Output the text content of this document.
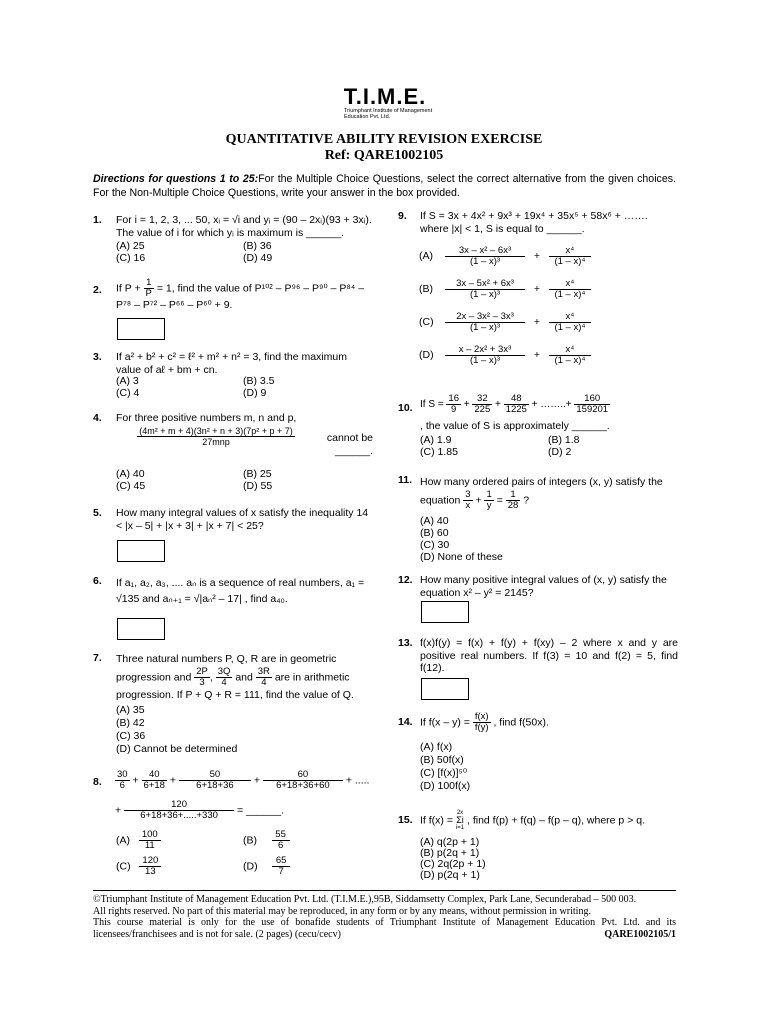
T.I.M.E.
Triumphant Institute of Management Education Pvt. Ltd.
QUANTITATIVE ABILITY REVISION EXERCISE
Ref: QARE1002105
Directions for questions 1 to 25:For the Multiple Choice Questions, select the correct alternative from the given choices. For the Non-Multiple Choice Questions, write your answer in the box provided.
1. For i = 1, 2, 3, ... 50, xᵢ = √i and yᵢ = (90 – 2xᵢ)(93 + 3xᵢ). The value of i for which yᵢ is maximum is ______.
(A) 25	(B) 36
(C) 16	(D) 49
2. If $P + \frac{1}{P} = 1$, find the value of P¹⁰² – P⁹⁶ – P⁹⁰ – P⁸⁴ – P⁷⁸ – P⁷² – P⁶⁶ – P⁶⁰ + 9.
3. If a² + b² + c² = ℓ² + m² + n² = 3, find the maximum value of aℓ + bm + cn.
(A) 3	(B) 3.5
(C) 4	(D) 9
4. For three positive numbers m, n and p,
$\frac{\text{(4m² + m + 4)(3n² + n + 3)(7p² + p + 7)}}{\text{27mnp}}$	cannot be ______.
(A) 40	(B) 25
(C) 45	(D) 55
5. How many integral values of x satisfy the inequality 14 < |x – 5| + |x + 3| + |x + 7| < 25?
6. If a₁, a₂, a₃, .... aₙ is a sequence of real numbers, a₁ = √135 and aₙ₊₁ = √|aₙ² – 17| , find a₄₀.
7. Three natural numbers P, Q, R are in geometric progression and $\frac{2P}{3}$ , $\frac{3Q}{4}$ and $\frac{3R}{4}$ are in arithmetic progression. If P + Q + R = 111, find the value of Q.
(A) 35
(B) 42
(C) 36
(D) Cannot be determined
8. $\frac{30}{6} + \frac{40}{6+18} + \frac{50}{6+18+36} + \frac{60}{6+18+36+60}$ + .....
+ $\frac{120}{6+18+36+.....+330}$ = ______.
$(A) \frac{100}{11}$	$(B) \frac{55}{6}$
$(C) \frac{120}{13}$	$(D) \frac{65}{7}$
9. If S = 3x + 4x² + 9x³ + 19x⁴ + 35x⁵ + 58x⁶ + ……. where |x| < 1, S is equal to ______.
$(A) \frac{\text{3x – x² – 6x³}}{\text{(1 – x)³}} + \frac{\text{x⁴}}{\text{(1 – x)⁴}}$
$(B) \frac{\text{3x – 5x² + 6x³}}{\text{(1 – x)³}} + \frac{\text{x⁴}}{\text{(1 – x)⁴}}$
$(C) \frac{\text{2x – 3x² – 3x³}}{\text{(1 – x)³}} + \frac{\text{x⁴}}{\text{(1 – x)⁴}}$
$(D) \frac{\text{x – 2x² + 3x³}}{\text{(1 – x)³}} + \frac{\text{x⁴}}{\text{(1 – x)⁴}}$
10. If $S = \frac{16}{9} + \frac{32}{225} + \frac{48}{1225}$ + ……..+ $\frac{160}{159201}$
, the value of S is approximately ______.
(A) 1.9	(B) 1.8
(C) 1.85	(D) 2
11. How many ordered pairs of integers (x, y) satisfy the equation $\frac{3}{x} + \frac{1}{y} = \frac{1}{28}$ ?
(A) 40
(B) 60
(C) 30
(D) None of these
12. How many positive integral values of (x, y) satisfy the equation x² – y² = 2145?
13. f(x)f(y) = f(x) + f(y) + f(xy) – 2 where x and y are positive real numbers. If f(3) = 10 and f(2) = 5, find f(12).
14. If $f(x - y) = \frac{f(x)}{f(y)}$ , find f(50x).
(A) f(x)
(B) 50f(x)
(C) [f(x)]⁵⁰
(D) 100f(x)
15. If f(x) =
2x
Σi
i=1
, find f(p) + f(q) – f(p – q), where p > q.
(A) q(2p + 1)
(B) p(2q + 1)
(C) 2q(2p + 1)
(D) p(2q + 1)
©Triumphant Institute of Management Education Pvt. Ltd. (T.I.M.E.),95B, Siddamsetty Complex, Park Lane, Secunderabad – 500 003.
All rights reserved. No part of this material may be reproduced, in any form or by any means, without permission in writing.
This course material is only for the use of bonafide students of Triumphant Institute of Management Education Pvt. Ltd. and its licensees/franchisees and is not for sale. (2 pages) (cecu/cecv)	QARE1002105/1
